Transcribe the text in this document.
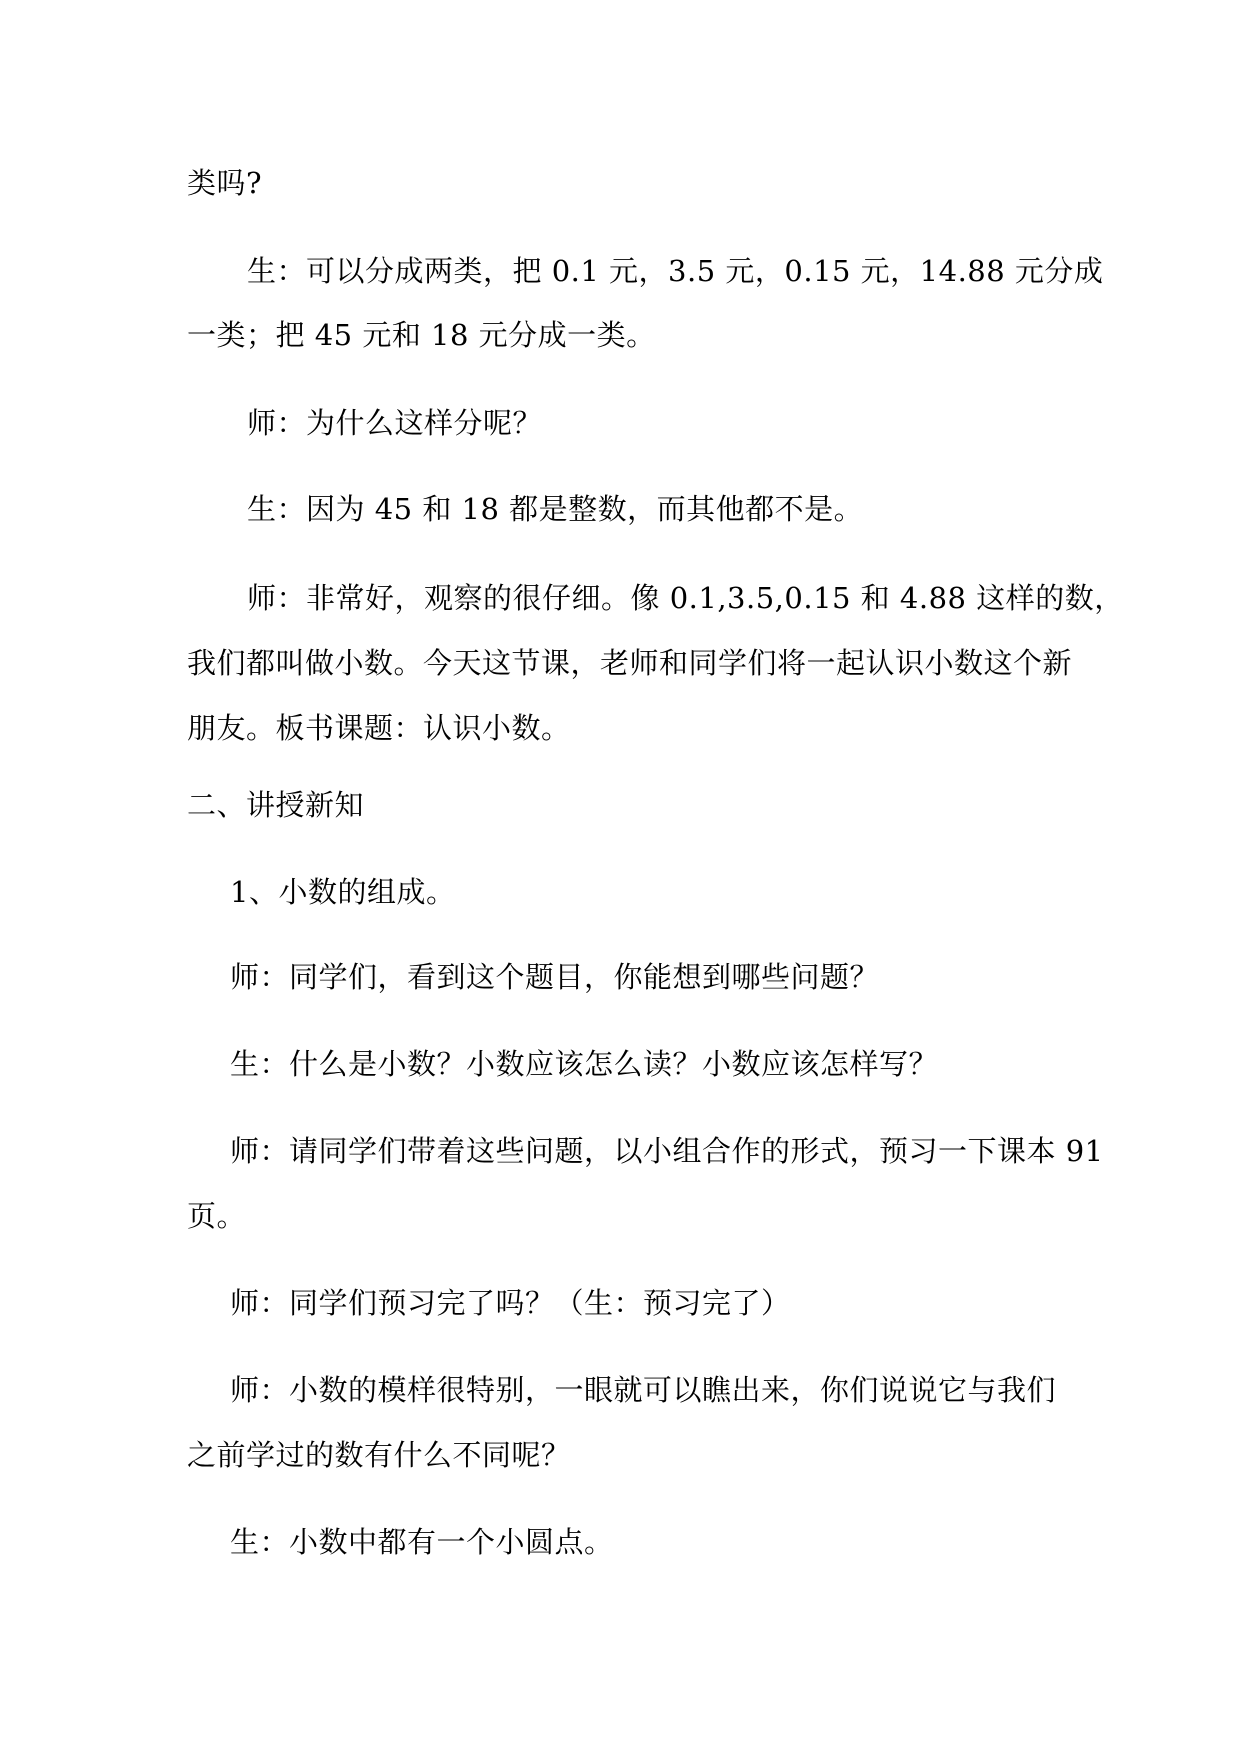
类吗?
生：可以分成两类，把 0.1 元，3.5 元，0.15 元，14.88 元分成
一类；把 45 元和 18 元分成一类。
师：为什么这样分呢？
生：因为 45 和 18 都是整数，而其他都不是。
师：非常好，观察的很仔细。像 0.1,3.5,0.15 和 4.88 这样的数，
我们都叫做小数。今天这节课，老师和同学们将一起认识小数这个新
朋友。板书课题：认识小数。
二、讲授新知
1、小数的组成。
师：同学们，看到这个题目，你能想到哪些问题？
生：什么是小数？小数应该怎么读？小数应该怎样写？
师：请同学们带着这些问题，以小组合作的形式，预习一下课本 91
页。
师：同学们预习完了吗？（生：预习完了）
师：小数的模样很特别，一眼就可以瞧出来，你们说说它与我们
之前学过的数有什么不同呢？
生：小数中都有一个小圆点。
